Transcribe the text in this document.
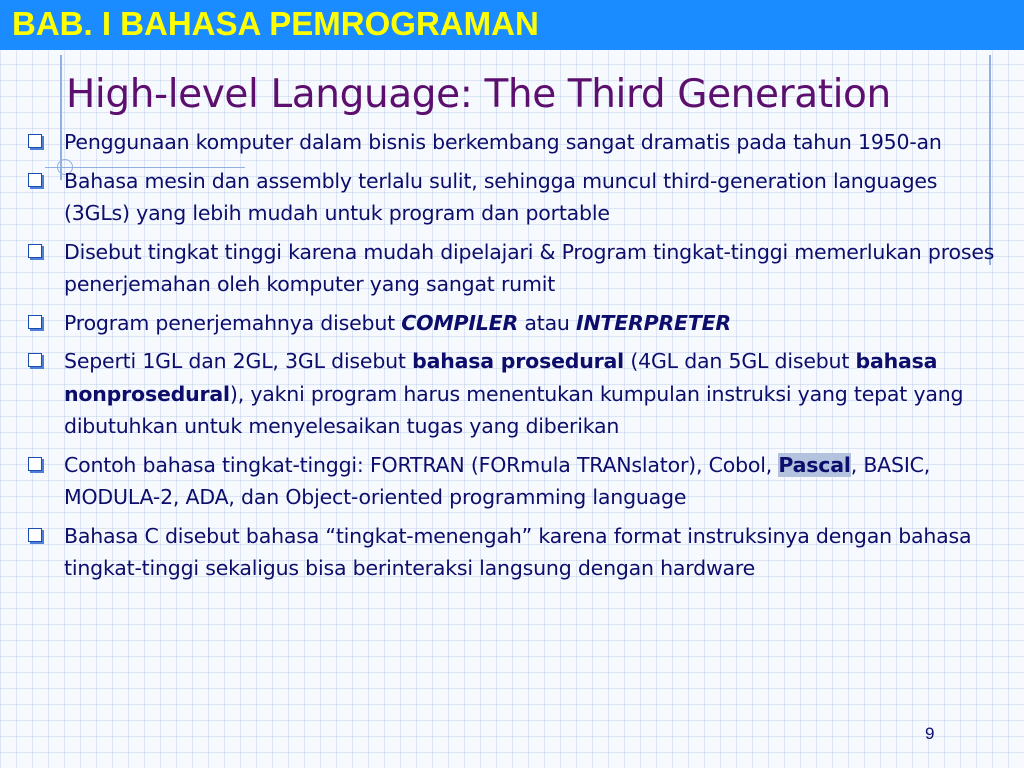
BAB. I BAHASA PEMROGRAMAN
High-level Language: The Third Generation
Penggunaan komputer dalam bisnis berkembang sangat dramatis pada tahun 1950-an
Bahasa mesin dan assembly terlalu sulit, sehingga muncul third-generation languages (3GLs) yang lebih mudah untuk program dan portable
Disebut tingkat tinggi karena mudah dipelajari & Program tingkat-tinggi memerlukan proses penerjemahan oleh komputer yang sangat rumit
Program penerjemahnya disebut COMPILER atau INTERPRETER
Seperti 1GL dan 2GL, 3GL disebut bahasa prosedural (4GL dan 5GL disebut bahasa nonprosedural), yakni program harus menentukan kumpulan instruksi yang tepat yang dibutuhkan untuk menyelesaikan tugas yang diberikan
Contoh bahasa tingkat-tinggi: FORTRAN (FORmula TRANslator), Cobol, Pascal, BASIC, MODULA-2, ADA, dan Object-oriented programming language
Bahasa C disebut bahasa “tingkat-menengah” karena format instruksinya dengan bahasa tingkat-tinggi sekaligus bisa berinteraksi langsung dengan hardware
9
